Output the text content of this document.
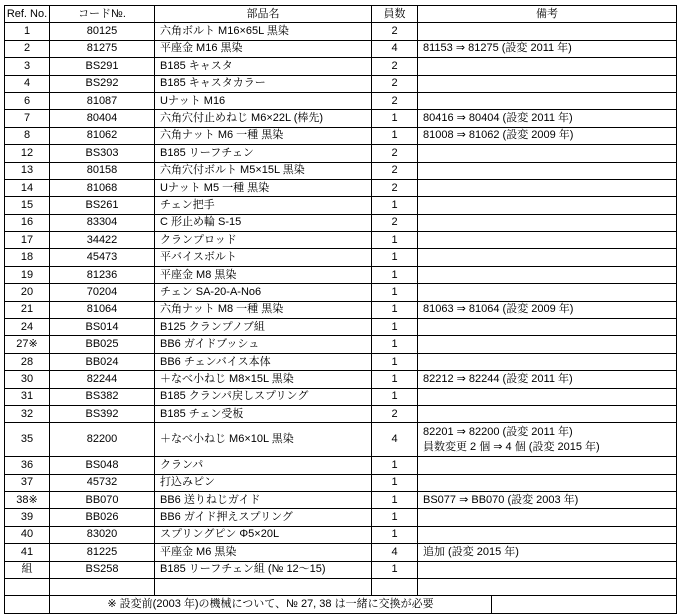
Ref. No.	コード№.	部品名	員数	備考	
1	80125	六角ボルト M16×65L 黒染	2		

2	81275	平座金 M16 黒染	4	81153 ⇒ 81275 (設変 2011 年)	

3	BS291	B185 キャスタ	2		

4	BS292	B185 キャスタカラー	2		

6	81087	Uナット M16	2		

7	80404	六角穴付止めねじ M6×22L (棒先)	1	80416 ⇒ 80404 (設変 2011 年)	

8	81062	六角ナット M6 一種 黒染	1	81008 ⇒ 81062 (設変 2009 年)	

12	BS303	B185 リーフチェン	2		

13	80158	六角穴付ボルト M5×15L 黒染	2		

14	81068	Uナット M5 一種 黒染	2		

15	BS261	チェン把手	1		

16	83304	C 形止め輪 S-15	2		

17	34422	クランプロッド	1		

18	45473	平バイスボルト	1		

19	81236	平座金 M8 黒染	1		

20	70204	チェン SA-20-A-No6	1		

21	81064	六角ナット M8 一種 黒染	1	81063 ⇒ 81064 (設変 2009 年)	

24	BS014	B125 クランプノブ組	1		

27※	BB025	BB6 ガイドブッシュ	1		

28	BB024	BB6 チェンバイス本体	1		

30	82244	＋なべ小ねじ M8×15L 黒染	1	82212 ⇒ 82244 (設変 2011 年)	

31	BS382	B185 クランパ戻しスプリング	1		

32	BS392	B185 チェン受板	2		

35	82200	＋なべ小ねじ M6×10L 黒染	4	82201 ⇒ 82200 (設変 2011 年)
員数変更 2 個 ⇒ 4 個 (設変 2015 年)	

36	BS048	クランパ	1		

37	45732	打込みピン	1		

38※	BB070	BB6 送りねじガイド	1	BS077 ⇒ BB070 (設変 2003 年)	

39	BB026	BB6 ガイド押えスプリング	1		

40	83020	スプリングピン Φ5×20L	1		

41	81225	平座金 M6 黒染	4	追加 (設変 2015 年)	

組	BS258	B185 リーフチェン組 (№ 12～15)	1		

	※ 設変前(2003 年)の機械について、№ 27, 38 は一緒に交換が必要				
